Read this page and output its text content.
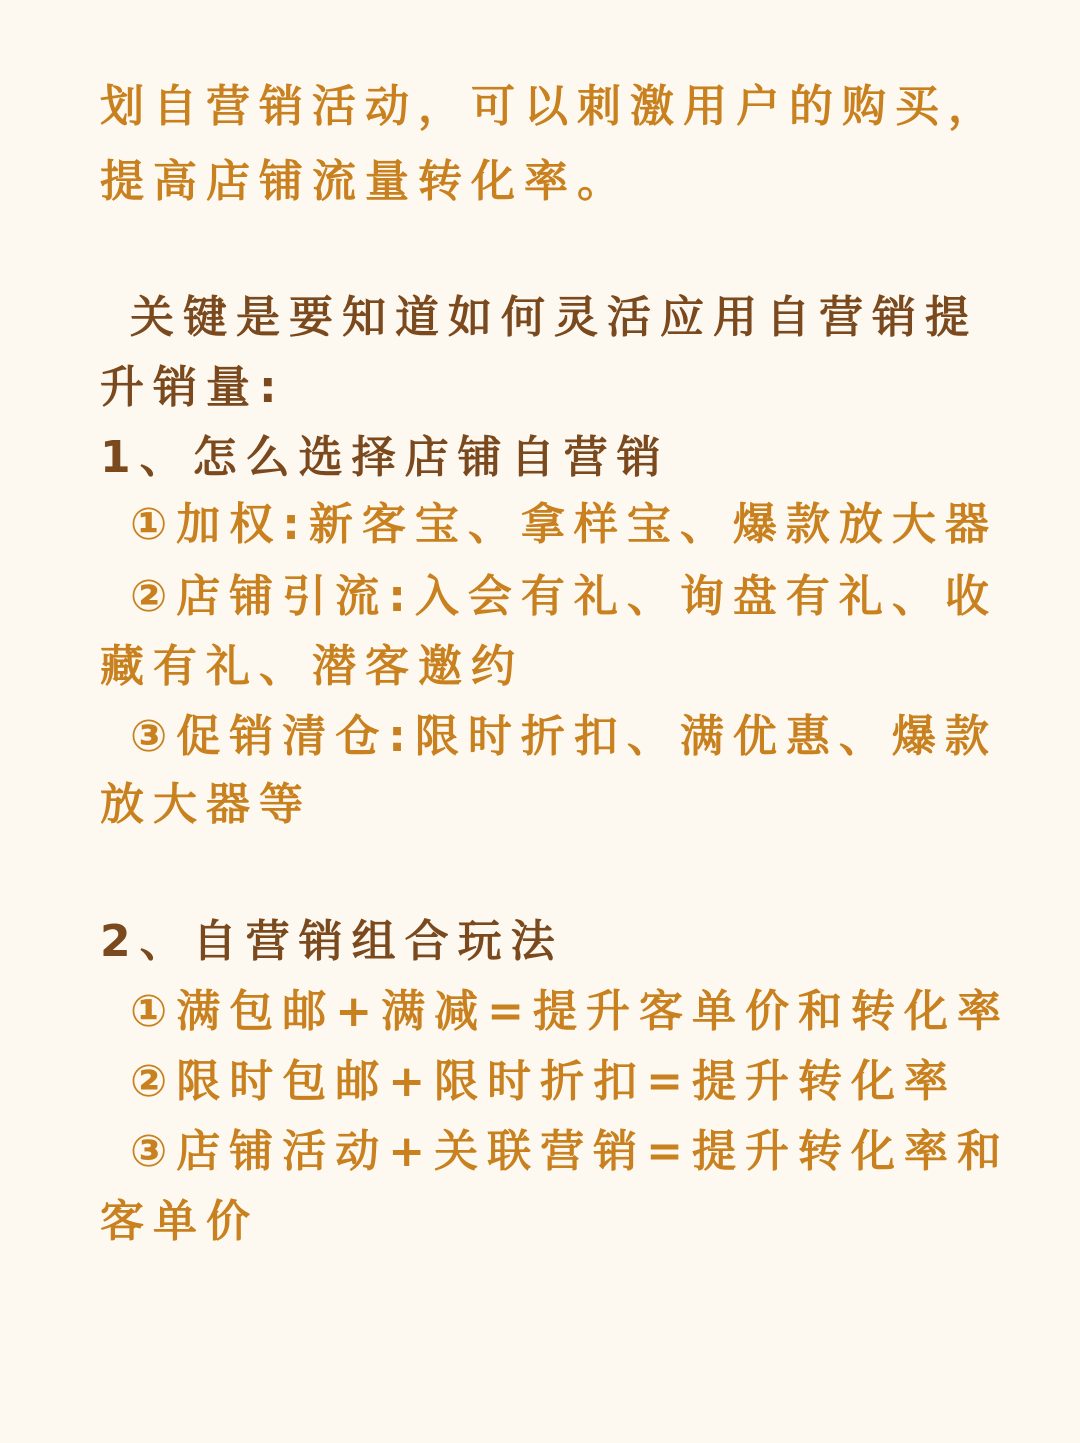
划自营销活动，可以刺激用户的购买，

提高店铺流量转化率。

关键是要知道如何灵活应用自营销提

升销量:

1、怎么选择店铺自营销

①加权:新客宝、拿样宝、爆款放大器

②店铺引流:入会有礼、询盘有礼、收

藏有礼、潜客邀约

③促销清仓:限时折扣、满优惠、爆款

放大器等

2、自营销组合玩法

①满包邮+满减=提升客单价和转化率

②限时包邮+限时折扣=提升转化率

③店铺活动+关联营销=提升转化率和

客单价
